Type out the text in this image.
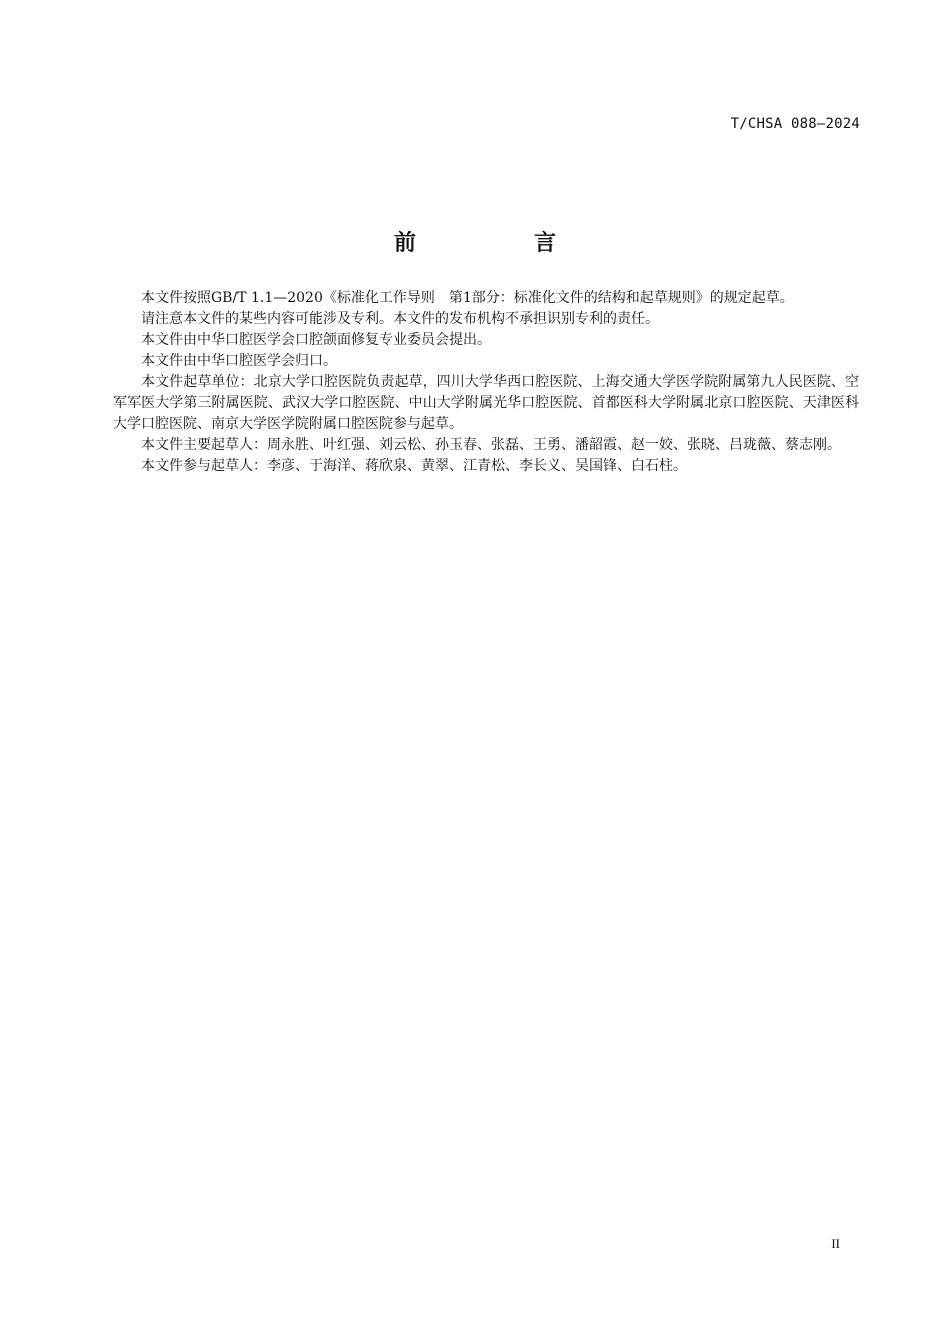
T/CHSA 088—2024
前　言

本文件按照GB/T 1.1—2020《标准化工作导则　第1部分：标准化文件的结构和起草规则》的规定起草。

请注意本文件的某些内容可能涉及专利。本文件的发布机构不承担识别专利的责任。

本文件由中华口腔医学会口腔颌面修复专业委员会提出。

本文件由中华口腔医学会归口。

本文件起草单位：北京大学口腔医院负责起草，四川大学华西口腔医院、上海交通大学医学院附属第九人民医院、空军军医大学第三附属医院、武汉大学口腔医院、中山大学附属光华口腔医院、首都医科大学附属北京口腔医院、天津医科大学口腔医院、南京大学医学院附属口腔医院参与起草。

本文件主要起草人：周永胜、叶红强、刘云松、孙玉春、张磊、王勇、潘韶霞、赵一姣、张晓、吕珑薇、蔡志刚。

本文件参与起草人：李彦、于海洋、蒋欣泉、黄翠、江青松、李长义、吴国锋、白石柱。

II
